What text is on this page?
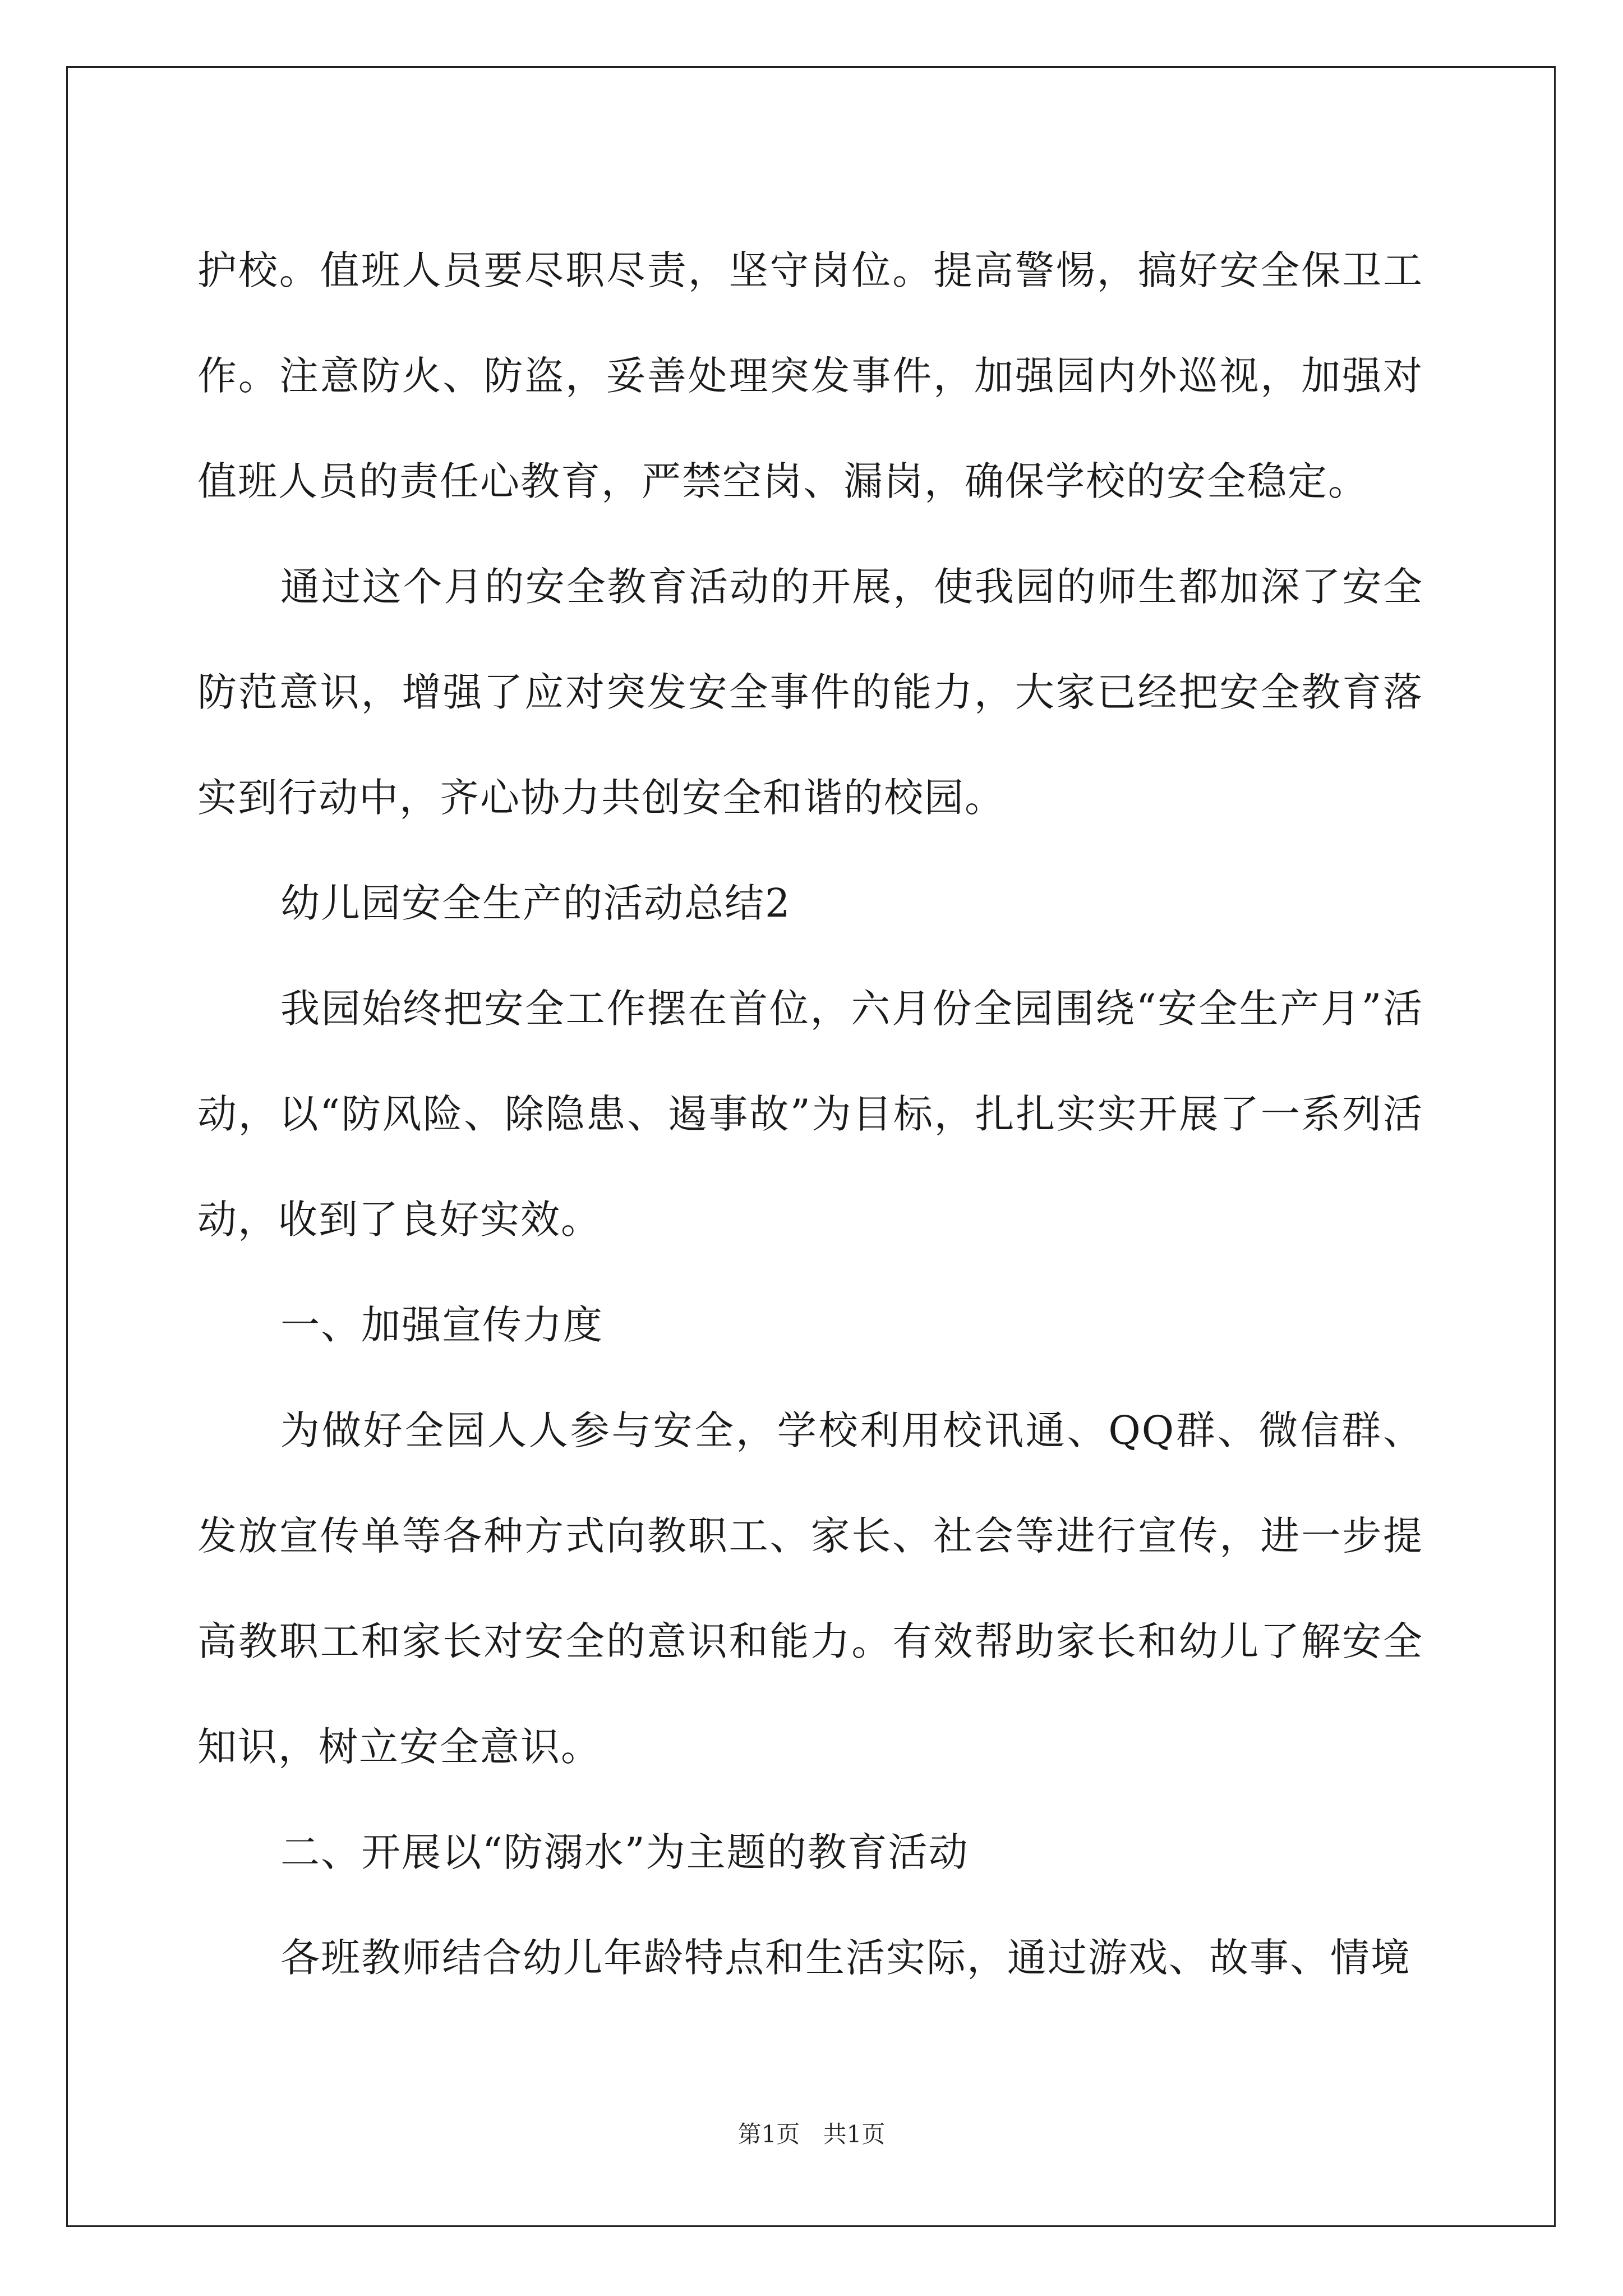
护校。值班人员要尽职尽责，坚守岗位。提高警惕，搞好安全保卫工作。注意防火、防盗，妥善处理突发事件，加强园内外巡视，加强对值班人员的责任心教育，严禁空岗、漏岗，确保学校的安全稳定。

通过这个月的安全教育活动的开展，使我园的师生都加深了安全防范意识，增强了应对突发安全事件的能力，大家已经把安全教育落实到行动中，齐心协力共创安全和谐的校园。

幼儿园安全生产的活动总结2

我园始终把安全工作摆在首位，六月份全园围绕“安全生产月”活动，以“防风险、除隐患、遏事故”为目标，扎扎实实开展了一系列活动，收到了良好实效。

一、加强宣传力度

为做好全园人人参与安全，学校利用校讯通、QQ群、微信群、发放宣传单等各种方式向教职工、家长、社会等进行宣传，进一步提高教职工和家长对安全的意识和能力。有效帮助家长和幼儿了解安全知识，树立安全意识。

二、开展以“防溺水”为主题的教育活动

各班教师结合幼儿年龄特点和生活实际，通过游戏、故事、情境

第1页 共1页
